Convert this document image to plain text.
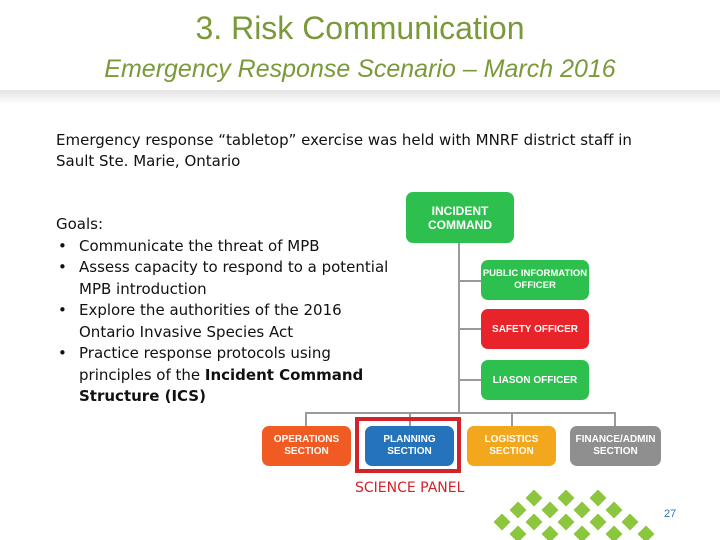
3. Risk Communication
Emergency Response Scenario – March 2016
Emergency response “tabletop” exercise was held with MNRF district staff in
Sault Ste. Marie, Ontario
Goals:
• Communicate the threat of MPB
• Assess capacity to respond to a potential MPB introduction
• Explore the authorities of the 2016 Ontario Invasive Species Act
• Practice response protocols using principles of the Incident Command Structure (ICS)
INCIDENT
COMMAND
PUBLIC INFORMATION
OFFICER
SAFETY OFFICER
LIASON OFFICER
OPERATIONS
SECTION
PLANNING
SECTION
LOGISTICS
SECTION
FINANCE/ADMIN
SECTION
SCIENCE PANEL
27
